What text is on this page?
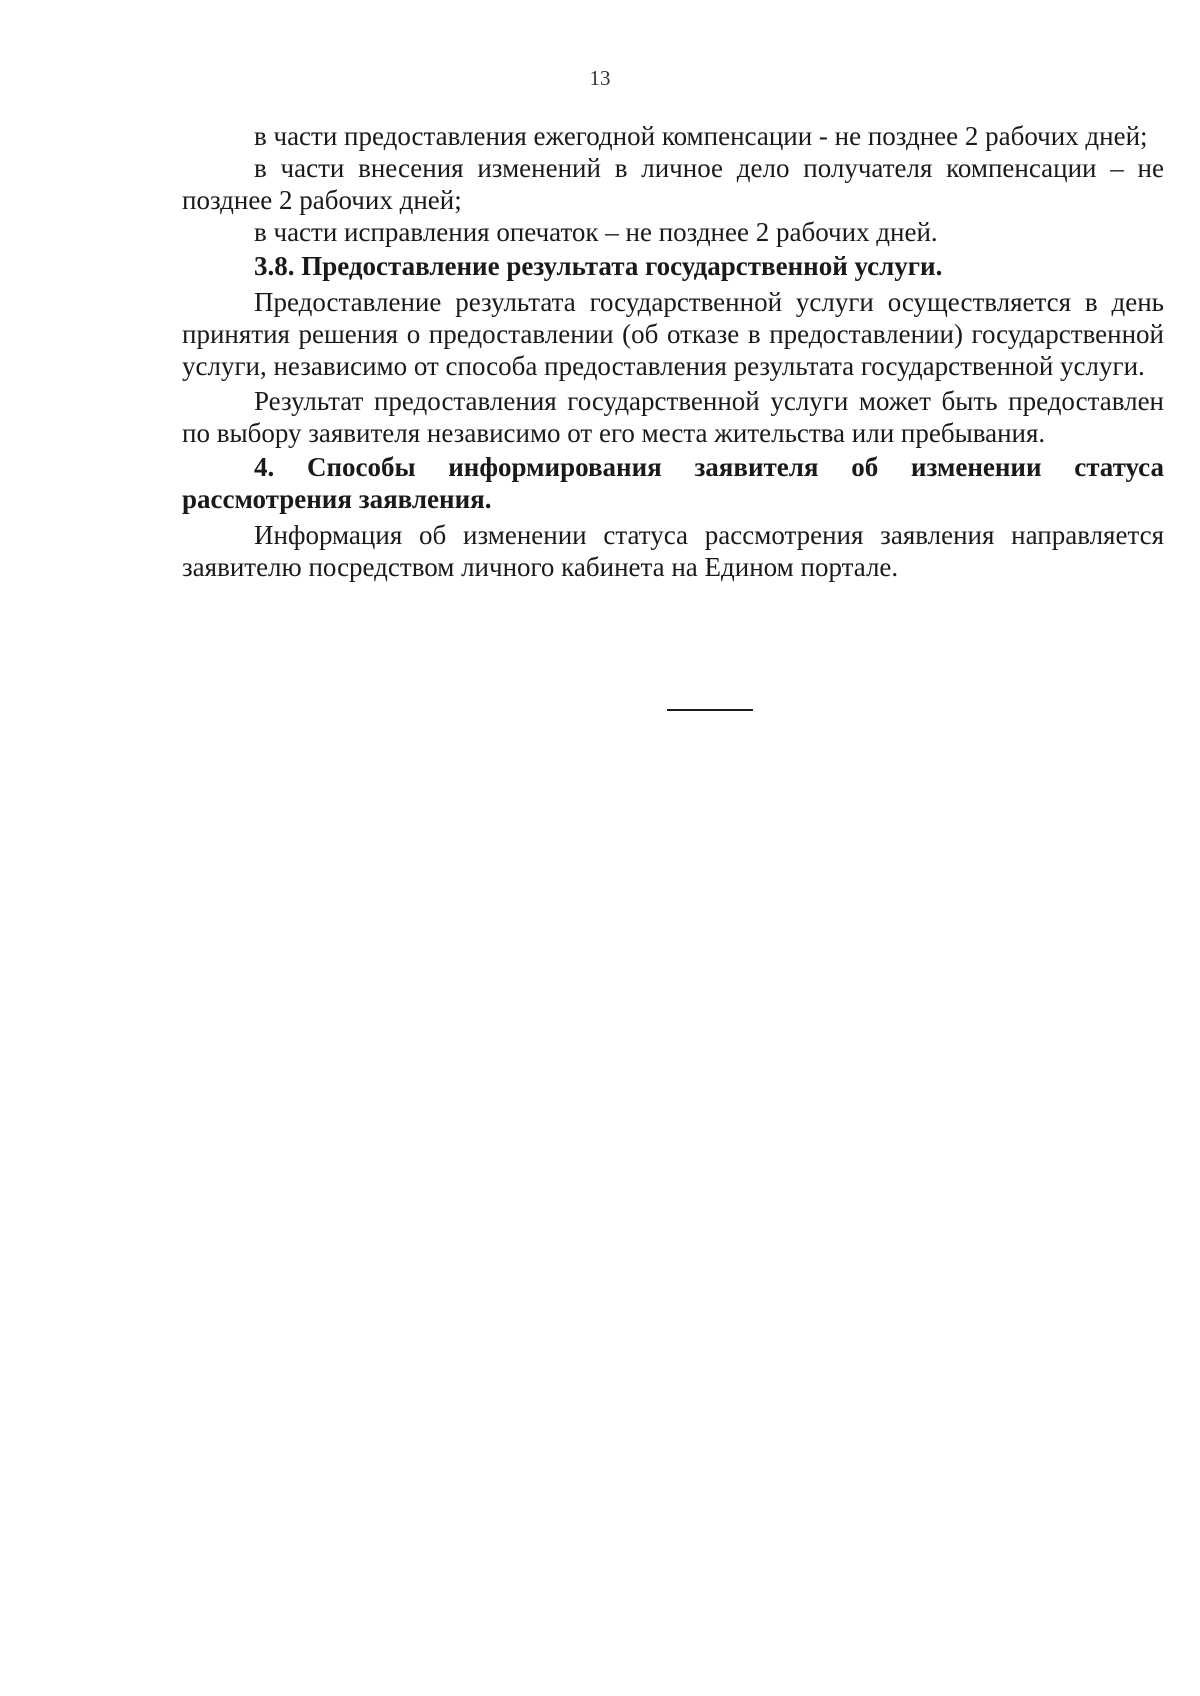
13

в части предоставления ежегодной компенсации - не позднее 2 рабочих дней;

в части внесения изменений в личное дело получателя компенсации – не позднее 2 рабочих дней;

в части исправления опечаток – не позднее 2 рабочих дней.

3.8. Предоставление результата государственной услуги.

Предоставление результата государственной услуги осуществляется в день принятия решения о предоставлении (об отказе в предоставлении) государственной услуги, независимо от способа предоставления результата государственной услуги.

Результат предоставления государственной услуги может быть предоставлен по выбору заявителя независимо от его места жительства или пребывания.

4. Способы информирования заявителя об изменении статуса рассмотрения заявления.

Информация об изменении статуса рассмотрения заявления направляется заявителю посредством личного кабинета на Едином портале.
